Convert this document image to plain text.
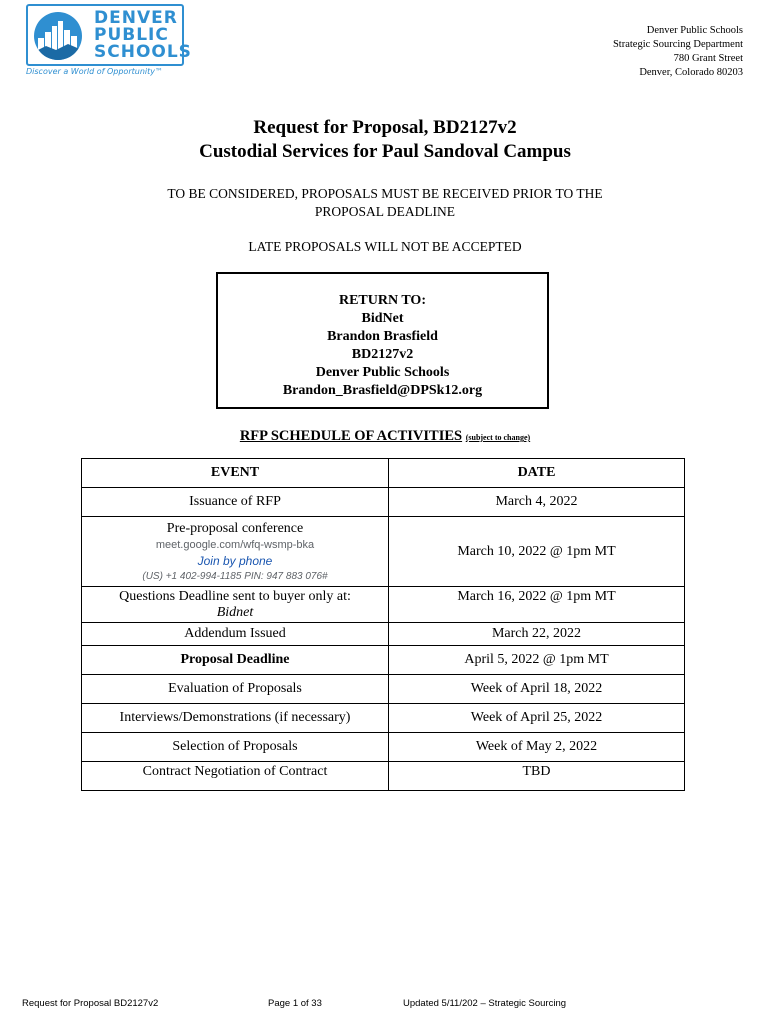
DENVER
PUBLIC
SCHOOLS
Discover a World of Opportunity™
Denver Public Schools
Strategic Sourcing Department
780 Grant Street
Denver, Colorado 80203
Request for Proposal, BD2127v2
Custodial Services for Paul Sandoval Campus
TO BE CONSIDERED, PROPOSALS MUST BE RECEIVED PRIOR TO THE
PROPOSAL DEADLINE
LATE PROPOSALS WILL NOT BE ACCEPTED
RETURN TO:
BidNet
Brandon Brasfield
BD2127v2
Denver Public Schools
Brandon_Brasfield@DPSk12.org
RFP SCHEDULE OF ACTIVITIES (subject to change)
EVENT	DATE
Issuance of RFP	March 4, 2022

Pre-proposal conference
meet.google.com/wfq-wsmp-bka
Join by phone
(US) +1 402-994-1185 PIN: 947 883 076#	March 10, 2022 @ 1pm MT

Questions Deadline sent to buyer only at:
Bidnet	March 16, 2022 @ 1pm MT
Addendum Issued	March 22, 2022
Proposal Deadline	April 5, 2022 @ 1pm MT
Evaluation of Proposals	Week of April 18, 2022
Interviews/Demonstrations (if necessary)	Week of April 25, 2022
Selection of Proposals	Week of May 2, 2022
Contract Negotiation of Contract	TBD
Request for Proposal BD2127v2	Page 1 of 33	Updated 5/11/202 – Strategic Sourcing
